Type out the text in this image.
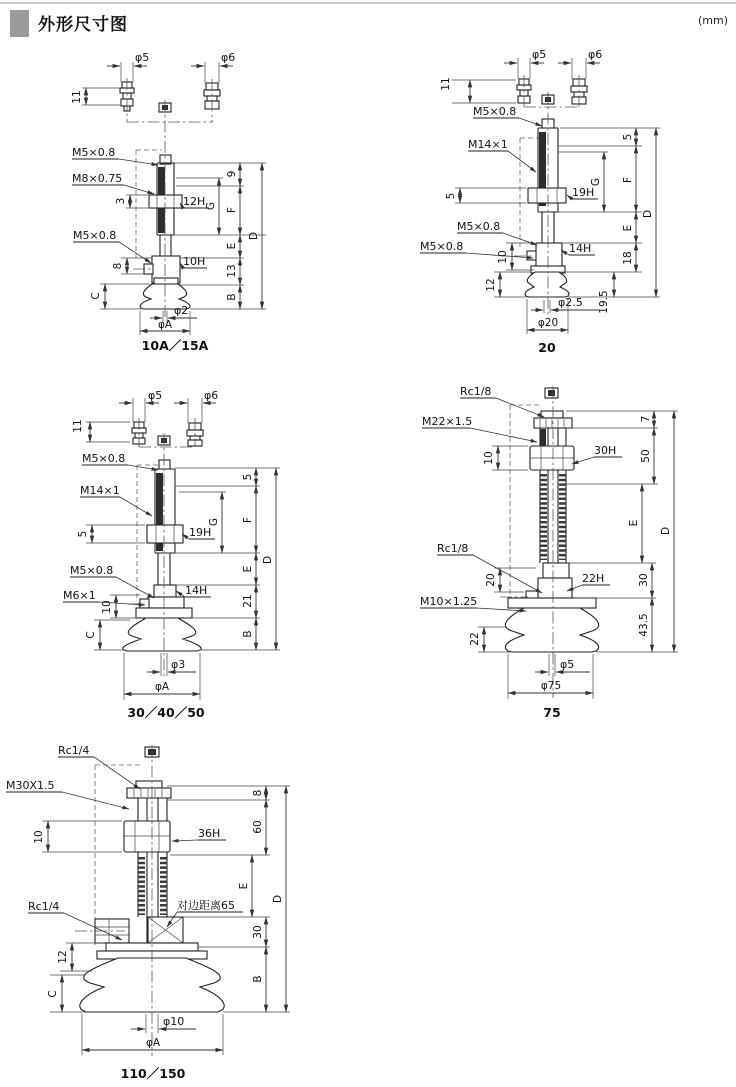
外形尺寸图	(mm)
φ5	φ6
11
M5×0.8
M8×0.75
12H
M5×0.8
10H
3
8
C
9
G F
E
13
B
D
φ2
φA
10A／15A
φ5	φ6
11
M5×0.8
M14×1
19H
M5×0.8
M5×0.8	14H
5
10
12
5
G F
E
18
19.5
D
φ2.5
φ20
20
φ5	φ6
11
M5×0.8
M14×1
19H
M5×0.8
M6×1	14H
5
10
C
5
G F
E
21
B
D
φ3
φA
30／40／50
Rc1/8
M22×1.5
30H
Rc1/8
22H
M10×1.25
10
20
22
7
50
E
30
43.5
D
φ5
φ75
75
Rc1/4
M30X1.5
36H
Rc1/4	对边距离65
10
12
C
8
60
E
30
B
D
φ10
φA
110／150
